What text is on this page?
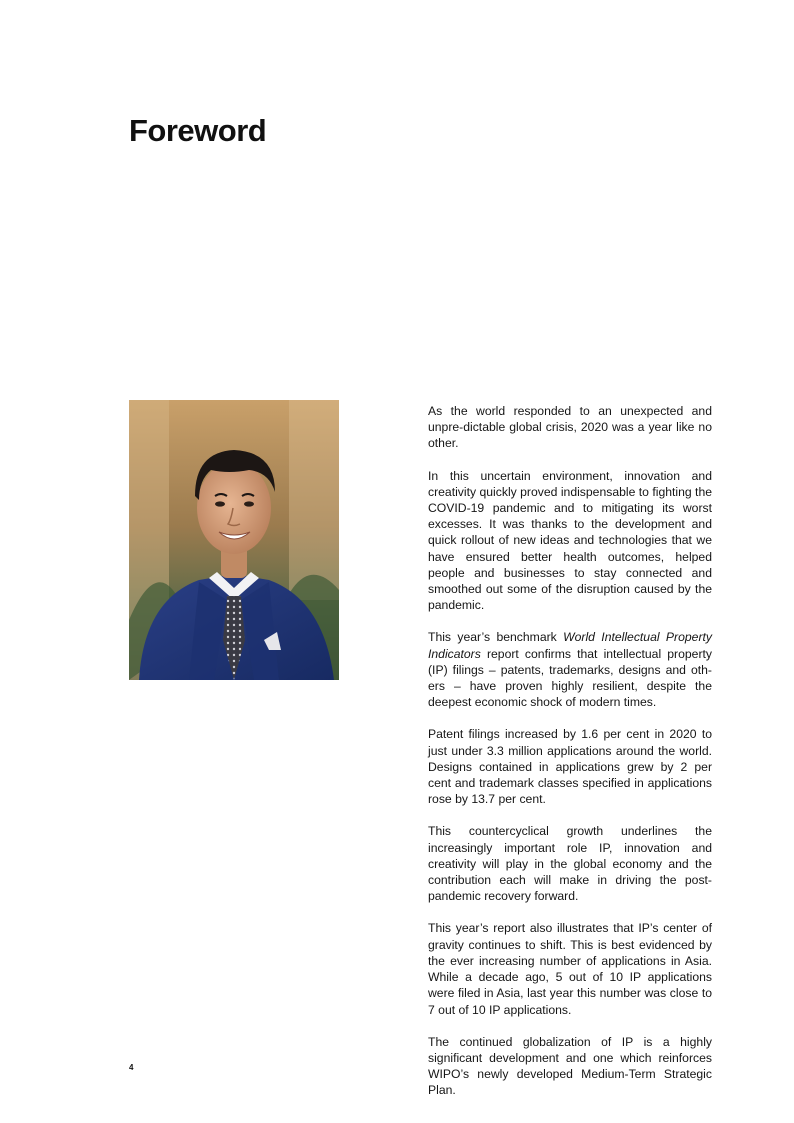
Foreword

As the world responded to an unexpected and unpre-dictable global crisis, 2020 was a year like no other.

In this uncertain environment, innovation and creativity quickly proved indispensable to fighting the COVID-19 pandemic and to mitigating its worst excesses. It was thanks to the development and quick rollout of new ideas and technologies that we have ensured better health outcomes, helped people and businesses to stay connected and smoothed out some of the disruption caused by the pandemic.

This year’s benchmark World Intellectual Property Indicators report confirms that intellectual property (IP) filings – patents, trademarks, designs and oth-ers – have proven highly resilient, despite the deepest economic shock of modern times.

Patent filings increased by 1.6 per cent in 2020 to just under 3.3 million applications around the world. Designs contained in applications grew by 2 per cent and trademark classes specified in applications rose by 13.7 per cent.

This countercyclical growth underlines the increasingly important role IP, innovation and creativity will play in the global economy and the contribution each will make in driving the post-pandemic recovery forward.

This year’s report also illustrates that IP’s center of gravity continues to shift. This is best evidenced by the ever increasing number of applications in Asia. While a decade ago, 5 out of 10 IP applications were filed in Asia, last year this number was close to 7 out of 10 IP applications.

The continued globalization of IP is a highly significant development and one which reinforces WIPO’s newly developed Medium-Term Strategic Plan.

4
